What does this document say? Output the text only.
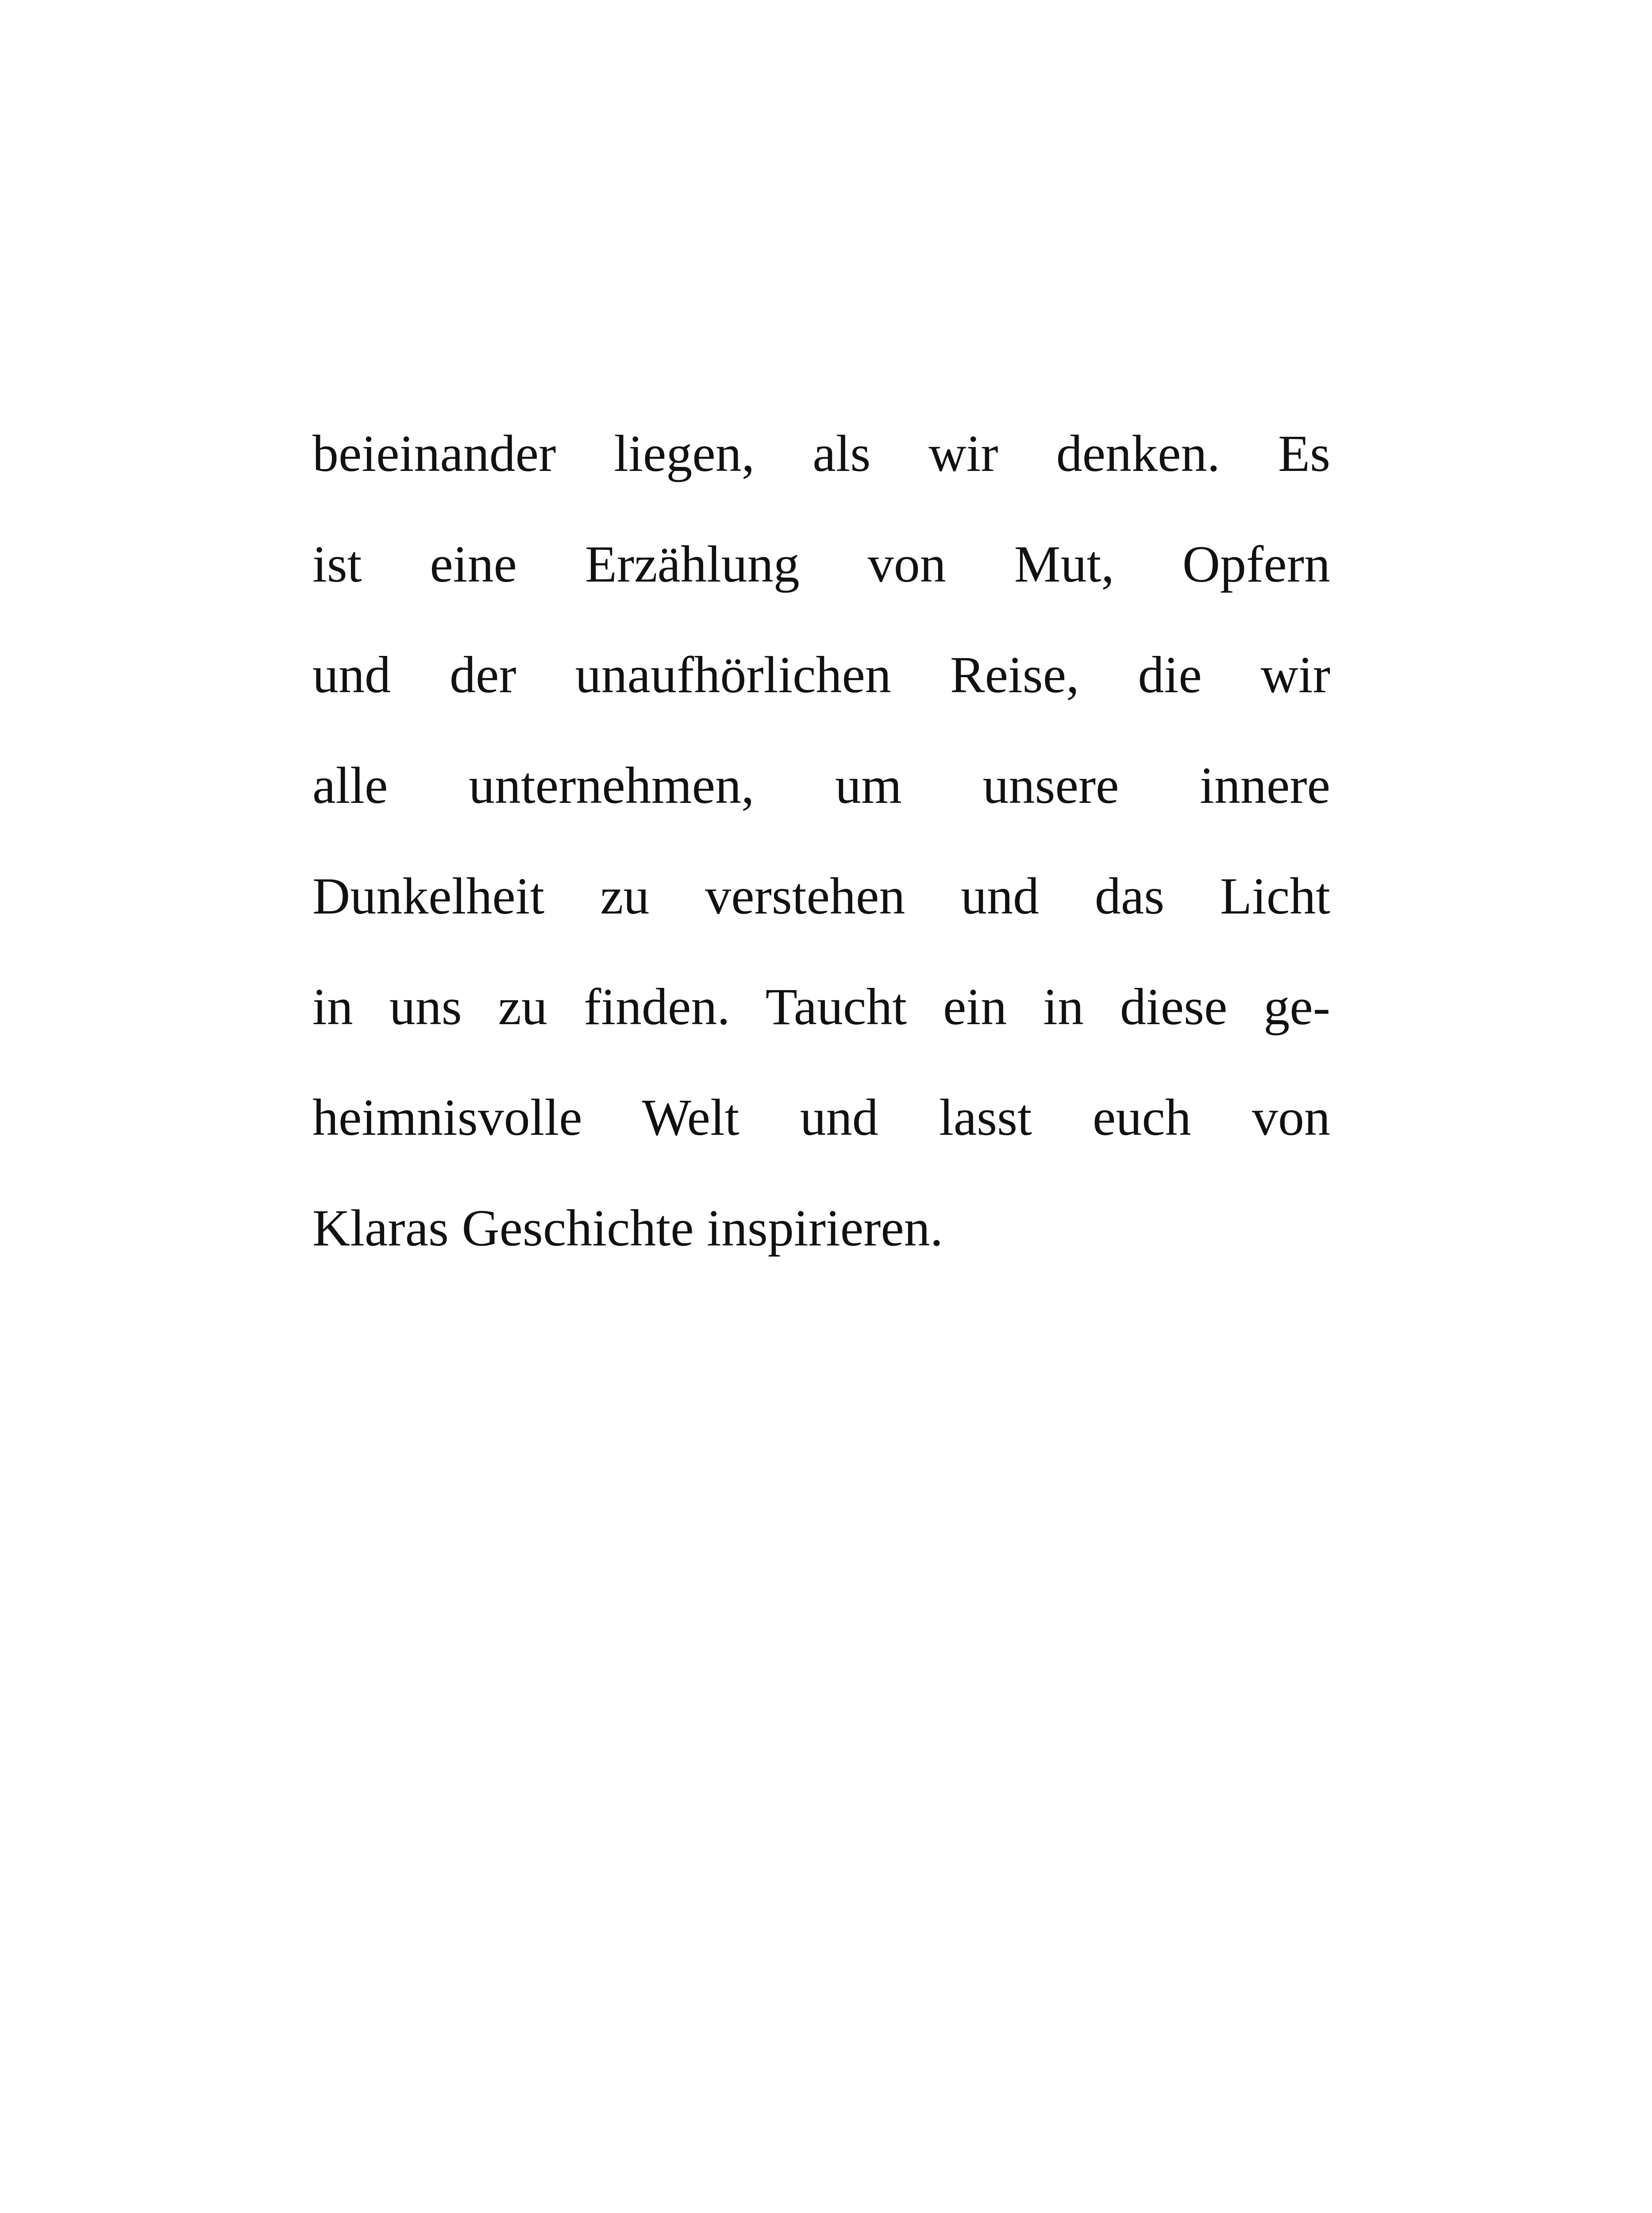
beieinander liegen, als wir denken. Es
ist eine Erzählung von Mut, Opfern
und der unaufhörlichen Reise, die wir
alle unternehmen, um unsere innere
Dunkelheit zu verstehen und das Licht
in uns zu finden. Taucht ein in diese ge-
heimnisvolle Welt und lasst euch von
Klaras Geschichte inspirieren.
